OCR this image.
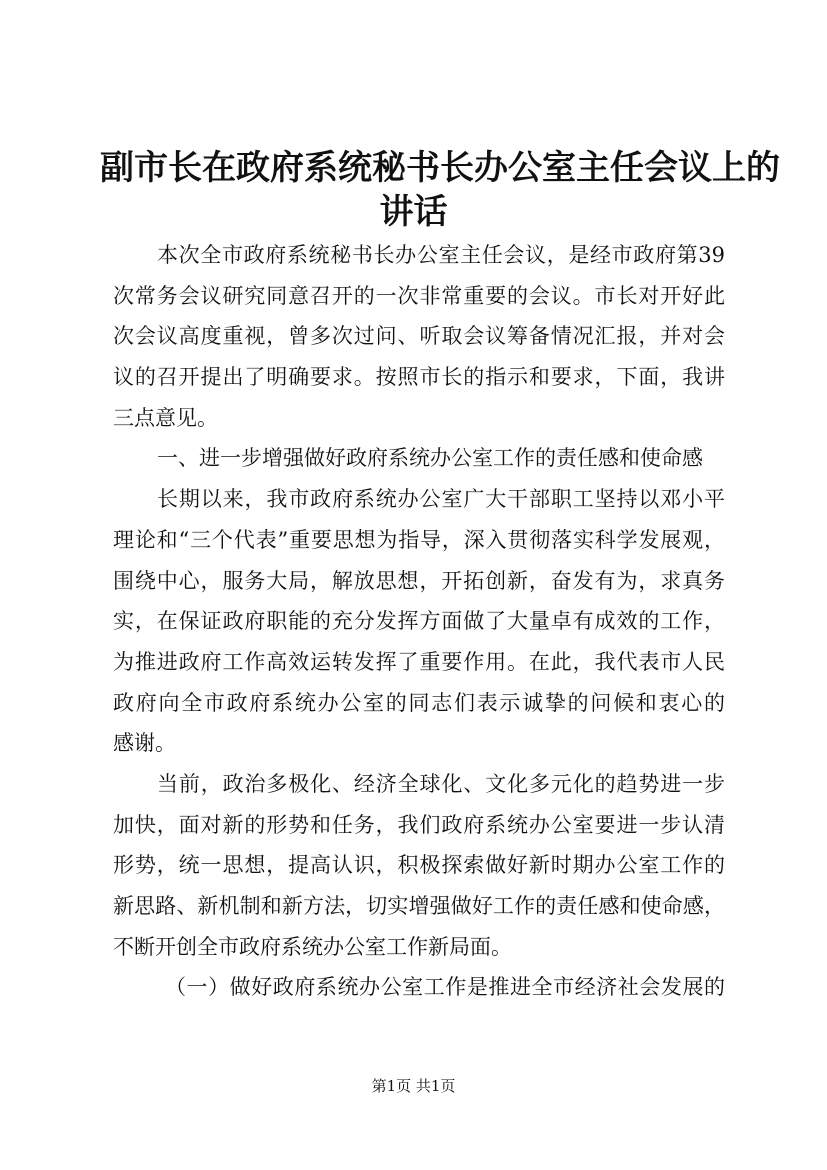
副市长在政府系统秘书长办公室主任会议上的
讲话
本次全市政府系统秘书长办公室主任会议，是经市政府第39
次常务会议研究同意召开的一次非常重要的会议。市长对开好此
次会议高度重视，曾多次过问、听取会议筹备情况汇报，并对会
议的召开提出了明确要求。按照市长的指示和要求，下面，我讲
三点意见。
一、进一步增强做好政府系统办公室工作的责任感和使命感
长期以来，我市政府系统办公室广大干部职工坚持以邓小平
理论和“三个代表”重要思想为指导，深入贯彻落实科学发展观，
围绕中心，服务大局，解放思想，开拓创新，奋发有为，求真务
实，在保证政府职能的充分发挥方面做了大量卓有成效的工作，
为推进政府工作高效运转发挥了重要作用。在此，我代表市人民
政府向全市政府系统办公室的同志们表示诚挚的问候和衷心的
感谢。
当前，政治多极化、经济全球化、文化多元化的趋势进一步
加快，面对新的形势和任务，我们政府系统办公室要进一步认清
形势，统一思想，提高认识，积极探索做好新时期办公室工作的
新思路、新机制和新方法，切实增强做好工作的责任感和使命感，
不断开创全市政府系统办公室工作新局面。
（一）做好政府系统办公室工作是推进全市经济社会发展的
第1页 共1页
